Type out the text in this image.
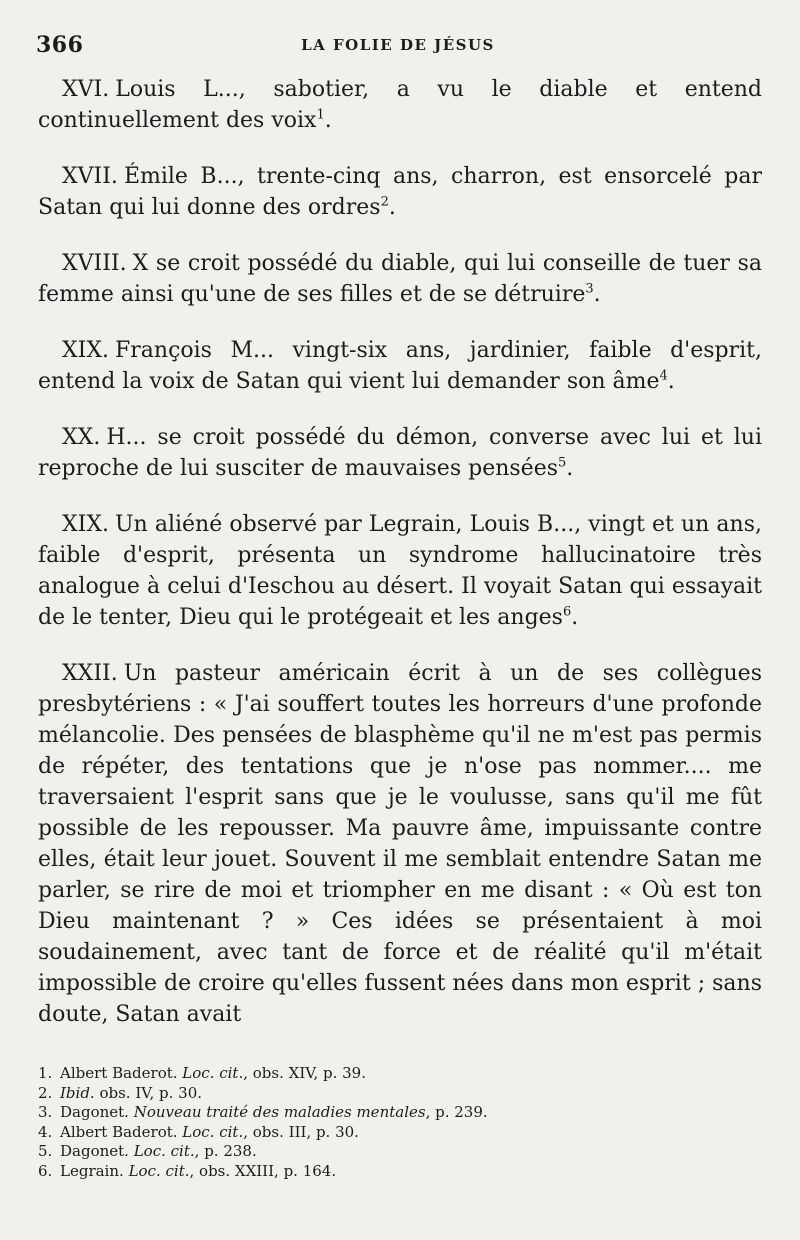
366	LA FOLIE DE JÉSUS

XVI. Louis L..., sabotier, a vu le diable et entend continuellement des voix$^1$.

XVII. Émile B..., trente-cinq ans, charron, est ensorcelé par Satan qui lui donne des ordres$^2$.

XVIII. X se croit possédé du diable, qui lui conseille de tuer sa femme ainsi qu'une de ses filles et de se détruire$^3$.

XIX. François M... vingt-six ans, jardinier, faible d'esprit, entend la voix de Satan qui vient lui demander son âme$^4$.

XX. H... se croit possédé du démon, converse avec lui et lui reproche de lui susciter de mauvaises pensées$^5$.

XIX. Un aliéné observé par Legrain, Louis B..., vingt et un ans, faible d'esprit, présenta un syndrome hallucinatoire très analogue à celui d'Ieschou au désert. Il voyait Satan qui essayait de le tenter, Dieu qui le protégeait et les anges$^6$.

XXII. Un pasteur américain écrit à un de ses collègues presbytériens : « J'ai souffert toutes les horreurs d'une profonde mélancolie. Des pensées de blasphème qu'il ne m'est pas permis de répéter, des tentations que je n'ose pas nommer.... me traversaient l'esprit sans que je le voulusse, sans qu'il me fût possible de les repousser. Ma pauvre âme, impuissante contre elles, était leur jouet. Souvent il me semblait entendre Satan me parler, se rire de moi et triompher en me disant : « Où est ton Dieu maintenant ? » Ces idées se présentaient à moi soudainement, avec tant de force et de réalité qu'il m'était impossible de croire qu'elles fussent nées dans mon esprit ; sans doute, Satan avait

1. Albert Baderot. Loc. cit., obs. XIV, p. 39.

2. Ibid. obs. IV, p. 30.

3. Dagonet. Nouveau traité des maladies mentales, p. 239.

4. Albert Baderot. Loc. cit., obs. III, p. 30.

5. Dagonet. Loc. cit., p. 238.

6. Legrain. Loc. cit., obs. XXIII, p. 164.
